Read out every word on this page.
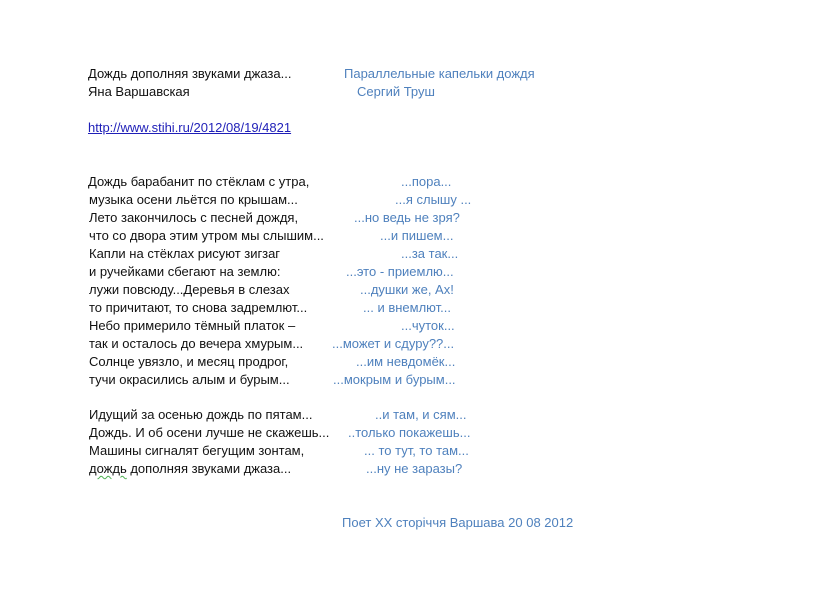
Дождь дополняя звуками джаза...	Параллельные капельки дождя
Яна Варшавская	Сергий Труш
http://www.stihi.ru/2012/08/19/4821
Дождь барабанит по стёклам с утра,	...пора...
музыка осени льётся по крышам...	...я слышу ...
Лето закончилось с песней дождя,	...но ведь не зря?
что со двора этим утром мы слышим...	...и пишем...
Капли на стёклах рисуют зигзаг	...за так...
и ручейками сбегают на землю:	...это - приемлю...
лужи повсюду...Деревья в слезах	...душки же, Ах!
то причитают, то снова задремлют...	... и внемлют...
Небо примерило тёмный платок –	...чуток...
так и осталось до вечера хмурым... ...может и сдуру??...
Солнце увязло, и месяц продрог,	...им невдомёк...
тучи окрасились алым и бурым...	...мокрым и бурым...
Идущий за осенью дождь по пятам...	..и там, и сям...
Дождь. И об осени лучше не скажешь... ..только покажешь...
Машины сигналят бегущим зонтам,	... то тут, то там...
дождь дополняя звуками джаза...	...ну не заразы?
Поет ХХ сторіччя Варшава 20 08 2012
